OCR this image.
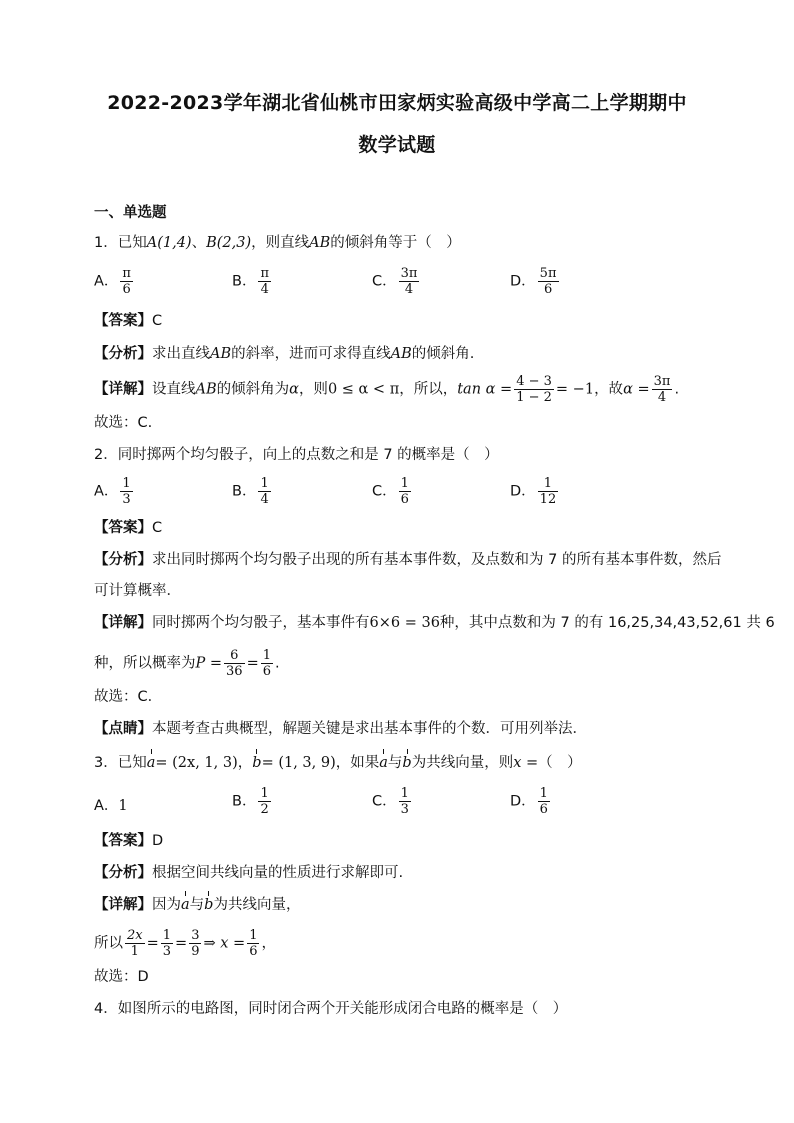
2022-2023学年湖北省仙桃市田家炳实验高级中学高二上学期期中
数学试题
一、单选题
1．已知A(1,4)、B(2,3)，则直线AB的倾斜角等于（　）
A． $\frac{\pi}{6}$	B． $\frac{\pi}{4}$	C． $\frac{3\pi}{4}$	D． $\frac{5\pi}{6}$
【答案】C
【分析】求出直线AB的斜率，进而可求得直线AB的倾斜角.
【详解】设直线AB的倾斜角为α，则0 ≤ α < π，所以，$\tan \alpha = \frac{4 - 3}{1 - 2} = -1$，故$\alpha = \frac{3\pi}{4}$ .
故选：C.
2．同时掷两个均匀骰子，向上的点数之和是 7 的概率是（　）
A． $\frac{1}{3}$	B． $\frac{1}{4}$	C． $\frac{1}{6}$	D． $\frac{1}{12}$
【答案】C
【分析】求出同时掷两个均匀骰子出现的所有基本事件数，及点数和为 7 的所有基本事件数，然后
可计算概率．
【详解】同时掷两个均匀骰子，基本事件有6×6 = 36种，其中点数和为 7 的有 16,25,34,43,52,61 共 6
种，所以概率为$P = \frac{6}{36} = \frac{1}{6}$ .
故选：C．
【点睛】本题考查古典概型，解题关键是求出基本事件的个数．可用列举法．
3．已知a= (2x, 1, 3)，b= (1, 3, 9)，如果a与b为共线向量，则x =（　）
A．1	B． $\frac{1}{2}$	C． $\frac{1}{3}$	D． $\frac{1}{6}$
【答案】D
【分析】根据空间共线向量的性质进行求解即可.
【详解】因为a与b为共线向量，
所以 $\frac{2x}{1} = \frac{1}{3} = \frac{3}{9}$ ⇒ $x = \frac{1}{6}$ ，
故选：D
4．如图所示的电路图，同时闭合两个开关能形成闭合电路的概率是（　）
